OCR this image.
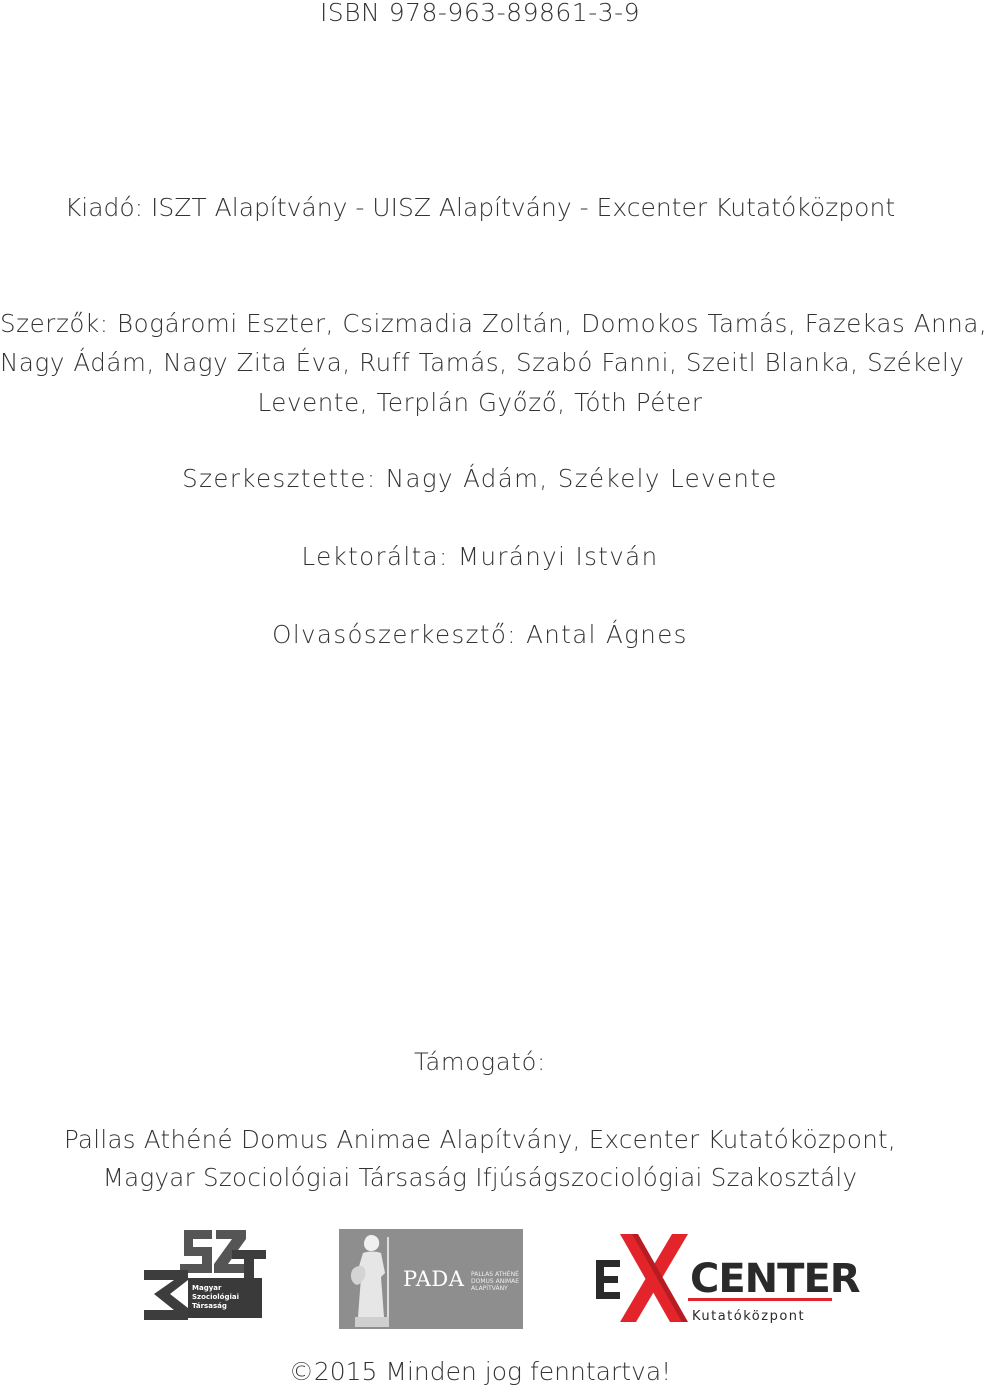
ISBN 978-963-89861-3-9
Kiadó: ISZT Alapítvány - UISZ Alapítvány - Excenter Kutatóközpont
Szerzők: Bogáromi Eszter, Csizmadia Zoltán, Domokos Tamás, Fazekas Anna,
Nagy Ádám, Nagy Zita Éva, Ruff Tamás, Szabó Fanni, Szeitl Blanka, Székely
Levente, Terplán Győző, Tóth Péter
Szerkesztette: Nagy Ádám, Székely Levente
Lektorálta: Murányi István
Olvasószerkesztő: Antal Ágnes
Támogató:
Pallas Athéné Domus Animae Alapítvány, Excenter Kutatóközpont,
Magyar Szociológiai Társaság Ifjúságszociológiai Szakosztály
Magyar
Szociológiai
Társaság
PADA PALLAS ATHÉNÉ
DOMUS ANIMAE
ALAPÍTVÁNY	CENTER
Kutatóközpont
©2015 Minden jog fenntartva!
